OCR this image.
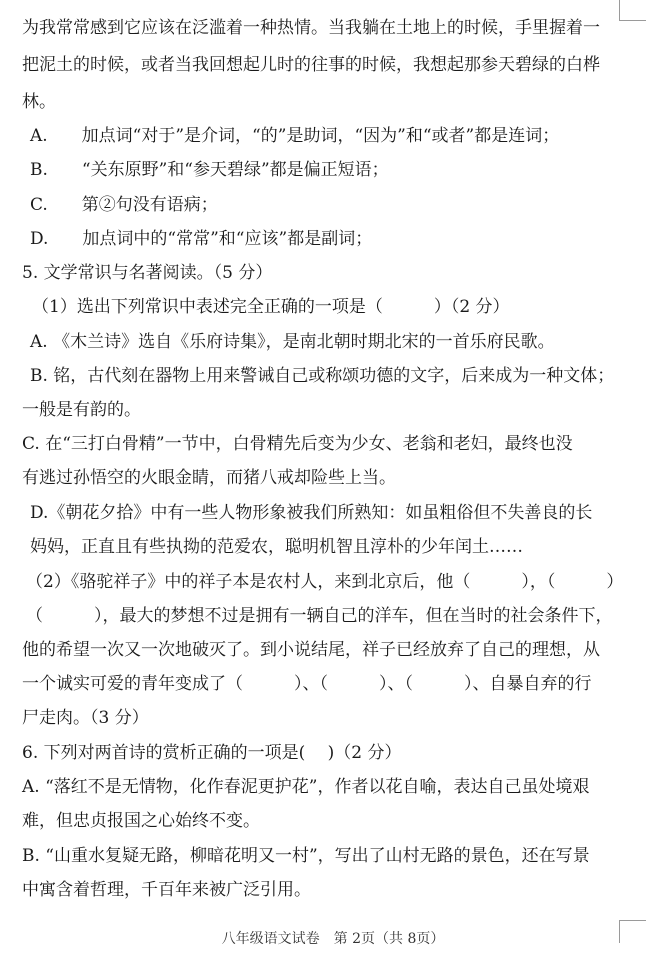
为我常常感到它应该在泛滥着一种热情。当我躺在土地上的时候，手里握着一
把泥土的时候，或者当我回想起儿时的往事的时候，我想起那参天碧绿的白桦
林。
A.　　加点词“对于”是介词，“的”是助词，“因为”和“或者”都是连词；
B.　　“关东原野”和“参天碧绿”都是偏正短语；
C.　　第②句没有语病；
D.　　加点词中的“常常”和“应该”都是副词；
5. 文学常识与名著阅读。（5 分）
（1）选出下列常识中表述完全正确的一项是（　　　）（2 分）
A. 《木兰诗》选自《乐府诗集》，是南北朝时期北宋的一首乐府民歌。
B. 铭，古代刻在器物上用来警诫自己或称颂功德的文字，后来成为一种文体；
一般是有韵的。
C. 在“三打白骨精”一节中，白骨精先后变为少女、老翁和老妇，最终也没
有逃过孙悟空的火眼金睛，而猪八戒却险些上当。
D.《朝花夕拾》中有一些人物形象被我们所熟知：如虽粗俗但不失善良的长
妈妈，正直且有些执拗的范爱农，聪明机智且淳朴的少年闰土……
（2）《骆驼祥子》中的祥子本是农村人，来到北京后，他（　　　），（　　　）
（　　　），最大的梦想不过是拥有一辆自己的洋车，但在当时的社会条件下，
他的希望一次又一次地破灭了。到小说结尾，祥子已经放弃了自己的理想，从
一个诚实可爱的青年变成了（　　　）、（　　　）、（　　　）、自暴自弃的行
尸走肉。（3 分）
6. 下列对两首诗的赏析正确的一项是(　 )（2 分）
A. “落红不是无情物，化作春泥更护花”，作者以花自喻，表达自己虽处境艰
难，但忠贞报国之心始终不变。
B. “山重水复疑无路，柳暗花明又一村”，写出了山村无路的景色，还在写景
中寓含着哲理，千百年来被广泛引用。
八年级语文试卷　第 2页（共 8页）
